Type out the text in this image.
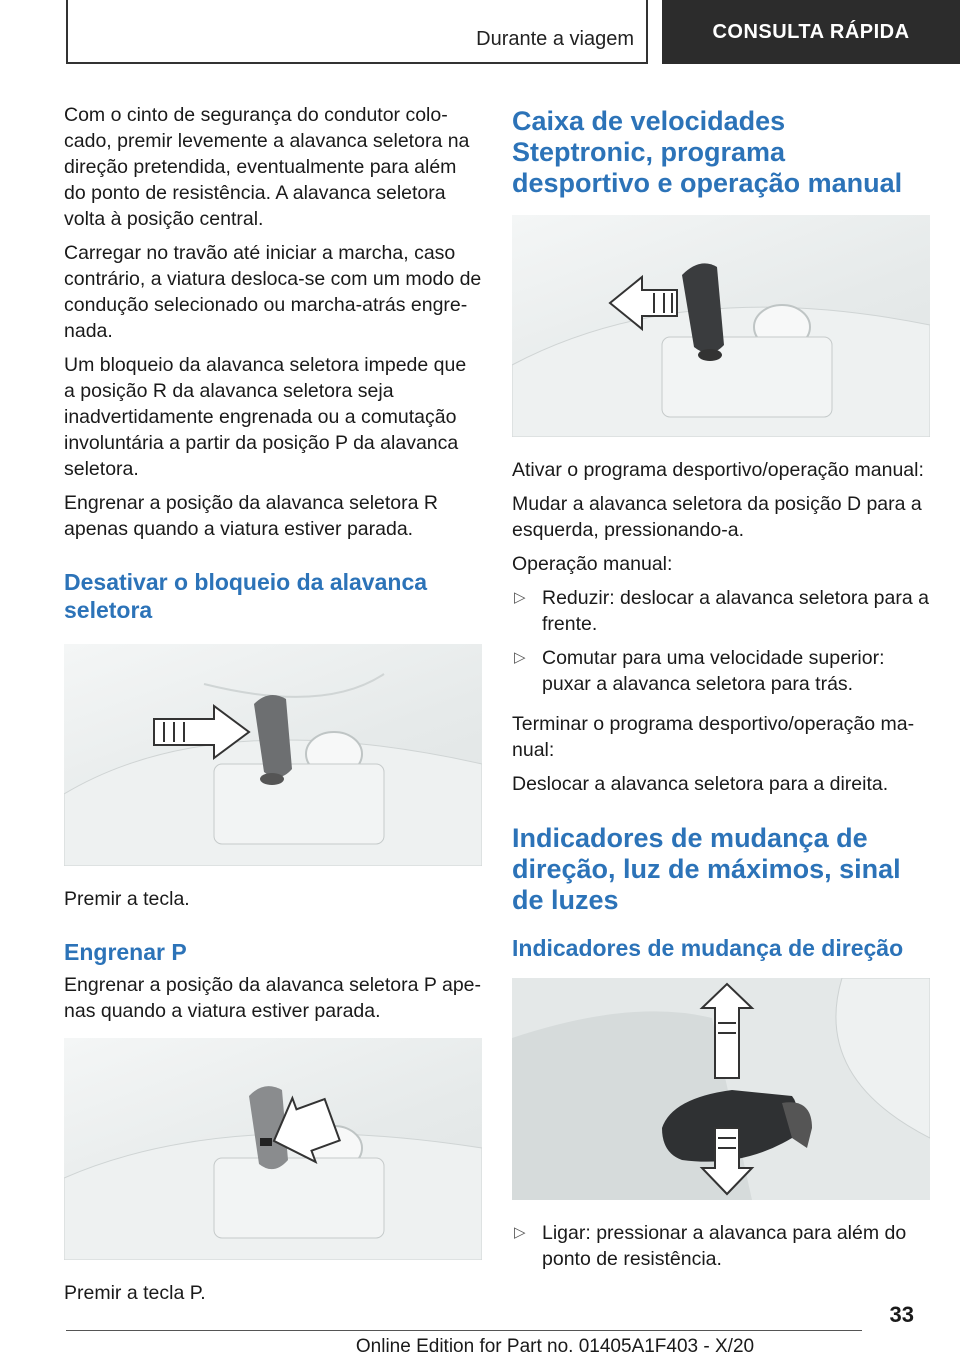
Durante a viagem	CONSULTA RÁPIDA

Com o cinto de segurança do condutor colocado, premir levemente a alavanca seletora na direção pretendida, eventualmente para além do ponto de resistência. A alavanca seletora volta à posição central.

Carregar no travão até iniciar a marcha, caso contrário, a viatura desloca-se com um modo de condução selecionado ou marcha-atrás engrenada.

Um bloqueio da alavanca seletora impede que a posição R da alavanca seletora seja inadvertidamente engrenada ou a comutação involuntária a partir da posição P da alavanca seletora.

Engrenar a posição da alavanca seletora R apenas quando a viatura estiver parada.

Desativar o bloqueio da alavanca seletora

Premir a tecla.

Engrenar P

Engrenar a posição da alavanca seletora P apenas quando a viatura estiver parada.

Premir a tecla P.

Caixa de velocidades Steptronic, programa desportivo e operação manual

Ativar o programa desportivo/operação manual:

Mudar a alavanca seletora da posição D para a esquerda, pressionando-a.

Operação manual:

▷ Reduzir: deslocar a alavanca seletora para a frente.
▷ Comutar para uma velocidade superior: puxar a alavanca seletora para trás.

Terminar o programa desportivo/operação manual:

Deslocar a alavanca seletora para a direita.

Indicadores de mudança de direção, luz de máximos, sinal de luzes
Indicadores de mudança de direção
▷ Ligar: pressionar a alavanca para além do ponto de resistência.
33
Online Edition for Part no. 01405A1F403 - X/20
